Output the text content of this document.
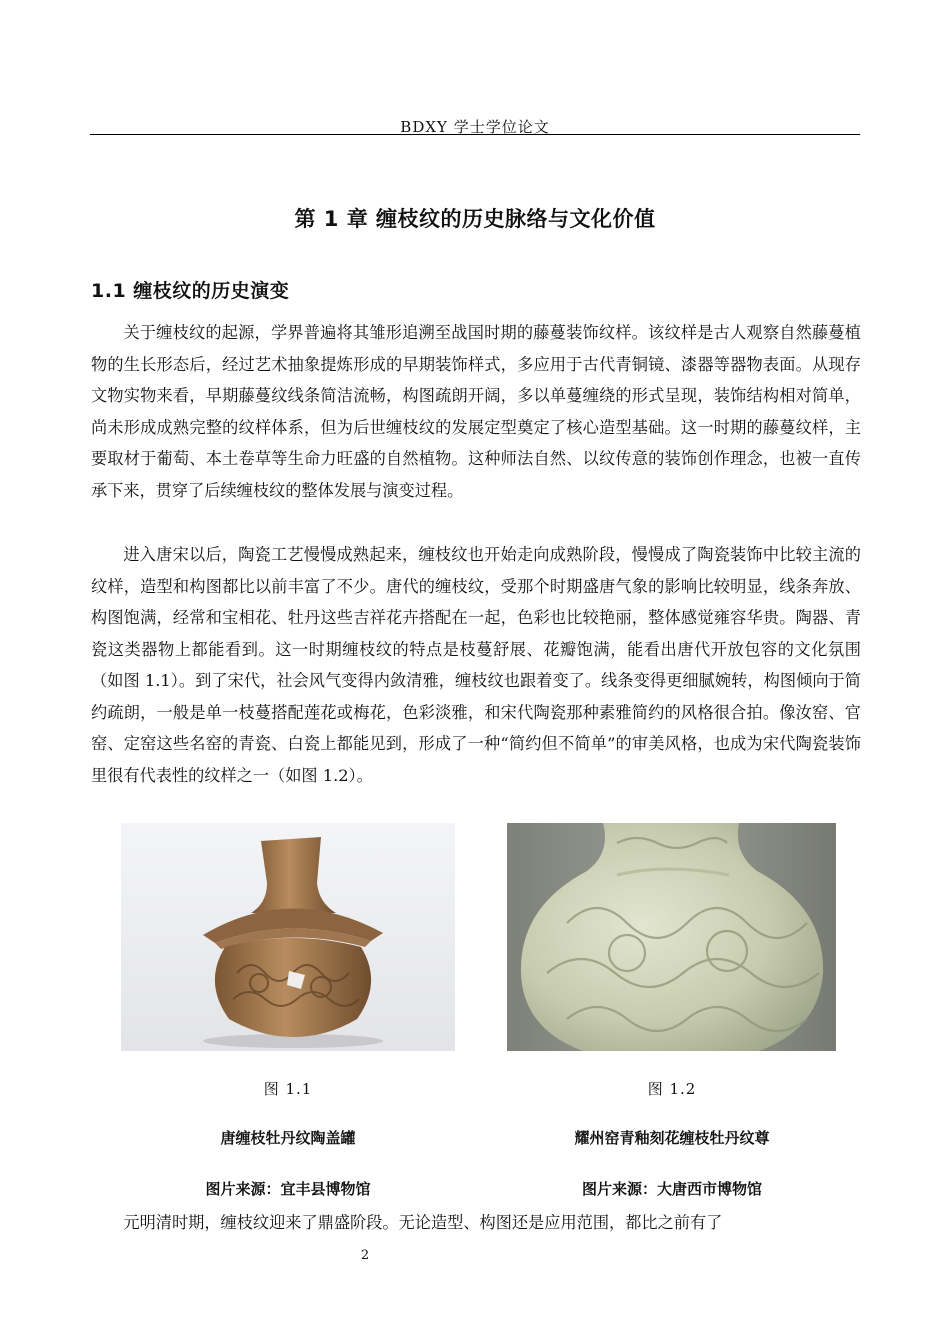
BDXY 学士学位论文
第 1 章 缠枝纹的历史脉络与文化价值
1.1 缠枝纹的历史演变

关于缠枝纹的起源，学界普遍将其雏形追溯至战国时期的藤蔓装饰纹样。该纹样是古人观察自然藤蔓植物的生长形态后，经过艺术抽象提炼形成的早期装饰样式，多应用于古代青铜镜、漆器等器物表面。从现存文物实物来看，早期藤蔓纹线条简洁流畅，构图疏朗开阔，多以单蔓缠绕的形式呈现，装饰结构相对简单，尚未形成成熟完整的纹样体系，但为后世缠枝纹的发展定型奠定了核心造型基础。这一时期的藤蔓纹样，主要取材于葡萄、本土卷草等生命力旺盛的自然植物。这种师法自然、以纹传意的装饰创作理念，也被一直传承下来，贯穿了后续缠枝纹的整体发展与演变过程。

进入唐宋以后，陶瓷工艺慢慢成熟起来，缠枝纹也开始走向成熟阶段，慢慢成了陶瓷装饰中比较主流的纹样，造型和构图都比以前丰富了不少。唐代的缠枝纹，受那个时期盛唐气象的影响比较明显，线条奔放、构图饱满，经常和宝相花、牡丹这些吉祥花卉搭配在一起，色彩也比较艳丽，整体感觉雍容华贵。陶器、青瓷这类器物上都能看到。这一时期缠枝纹的特点是枝蔓舒展、花瓣饱满，能看出唐代开放包容的文化氛围（如图 1.1）。到了宋代，社会风气变得内敛清雅，缠枝纹也跟着变了。线条变得更细腻婉转，构图倾向于简约疏朗，一般是单一枝蔓搭配莲花或梅花，色彩淡雅，和宋代陶瓷那种素雅简约的风格很合拍。像汝窑、官窑、定窑这些名窑的青瓷、白瓷上都能见到，形成了一种“简约但不简单”的审美风格，也成为宋代陶瓷装饰里很有代表性的纹样之一（如图 1.2）。

图 1.1	图 1.2
唐缠枝牡丹纹陶盖罐	耀州窑青釉刻花缠枝牡丹纹尊
图片来源：宜丰县博物馆	图片来源：大唐西市博物馆

元明清时期，缠枝纹迎来了鼎盛阶段。无论造型、构图还是应用范围，都比之前有了

2
